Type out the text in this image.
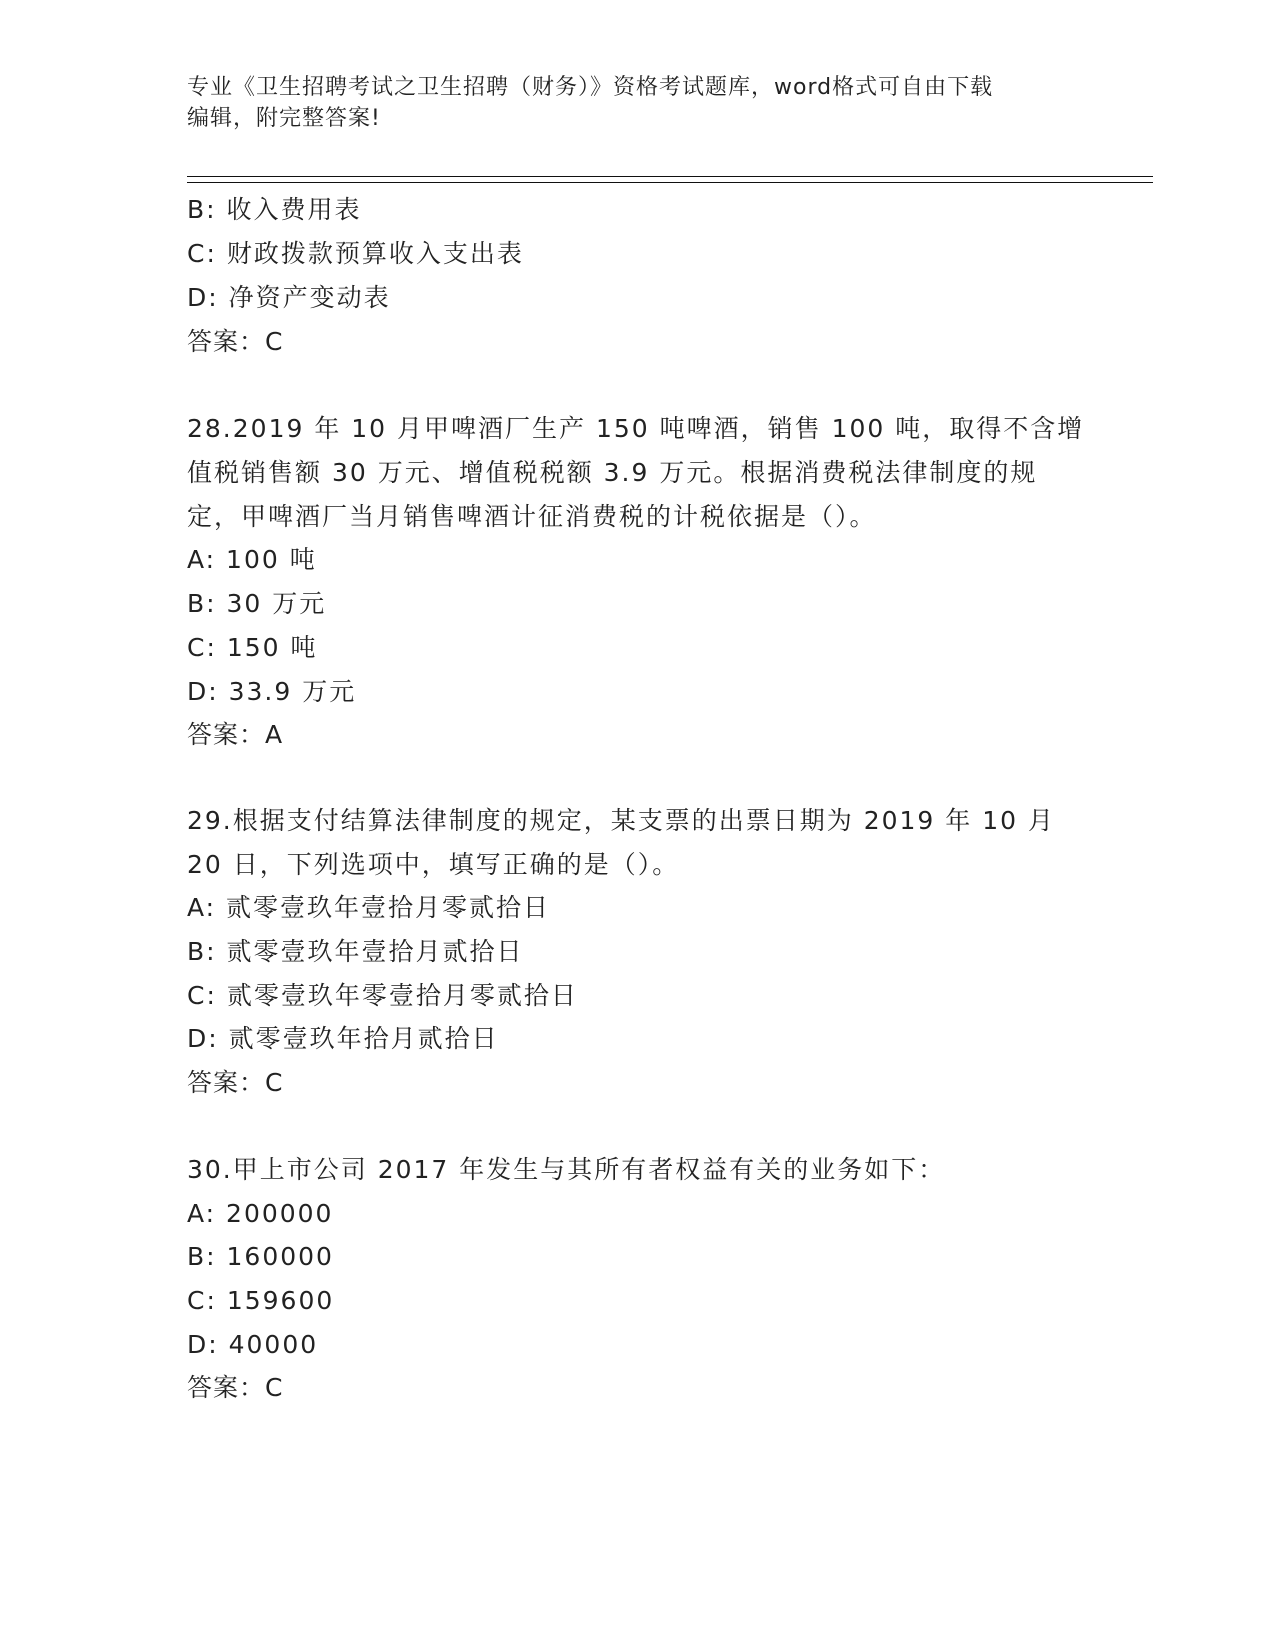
专业《卫生招聘考试之卫生招聘（财务）》资格考试题库，word格式可自由下载
编辑，附完整答案!
B: 收入费用表
C: 财政拨款预算收入支出表
D: 净资产变动表
答案：C
28.2019 年 10 月甲啤酒厂生产 150 吨啤酒，销售 100 吨，取得不含增
值税销售额 30 万元、增值税税额 3.9 万元。根据消费税法律制度的规
定，甲啤酒厂当月销售啤酒计征消费税的计税依据是（）。
A: 100 吨
B: 30 万元
C: 150 吨
D: 33.9 万元
答案：A
29.根据支付结算法律制度的规定，某支票的出票日期为 2019 年 10 月
20 日，下列选项中，填写正确的是（）。
A: 贰零壹玖年壹拾月零贰拾日
B: 贰零壹玖年壹拾月贰拾日
C: 贰零壹玖年零壹拾月零贰拾日
D: 贰零壹玖年拾月贰拾日
答案：C
30.甲上市公司 2017 年发生与其所有者权益有关的业务如下：
A: 200000
B: 160000
C: 159600
D: 40000
答案：C
